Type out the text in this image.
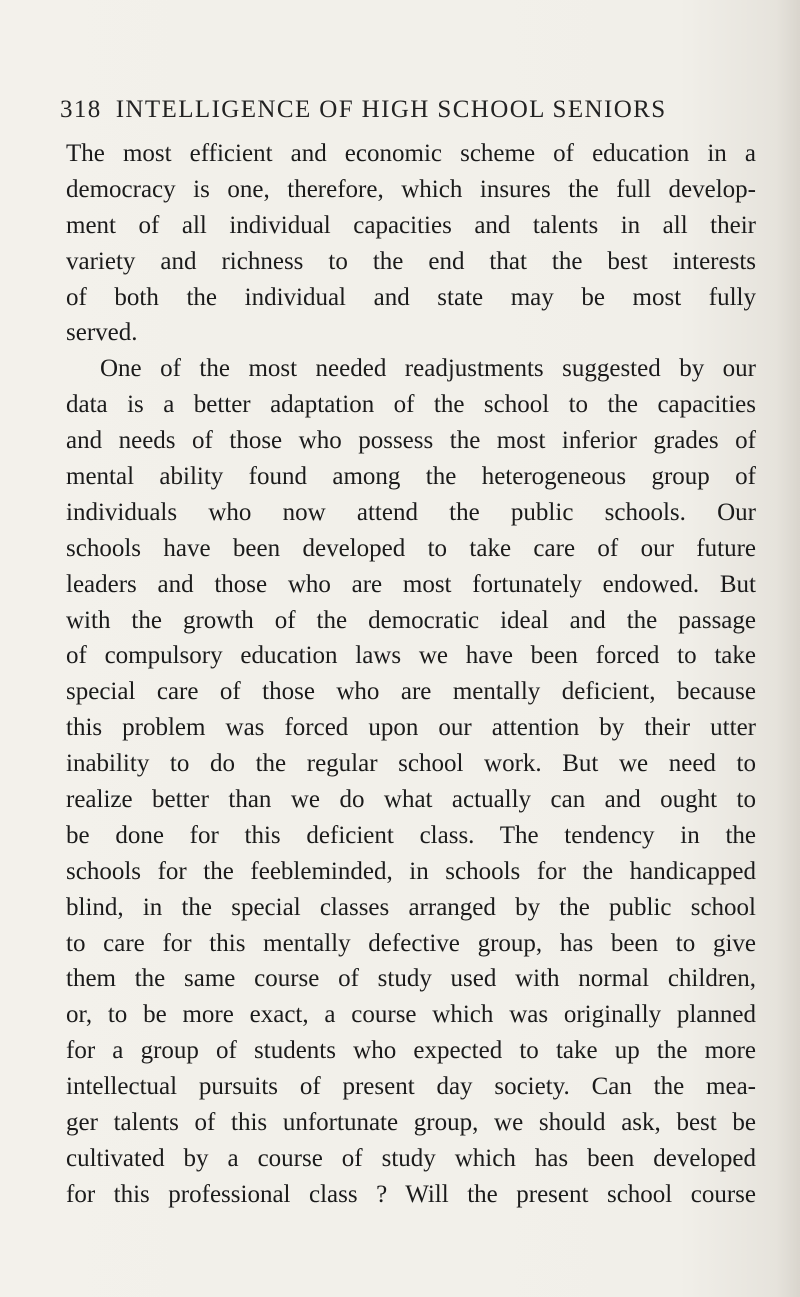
318 INTELLIGENCE OF HIGH SCHOOL SENIORS
The most efficient and economic scheme of education in a
democracy is one, therefore, which insures the full develop-
ment of all individual capacities and talents in all their
variety and richness to the end that the best interests
of both the individual and state may be most fully
served.
One of the most needed readjustments suggested by our
data is a better adaptation of the school to the capacities
and needs of those who possess the most inferior grades of
mental ability found among the heterogeneous group of
individuals who now attend the public schools. Our
schools have been developed to take care of our future
leaders and those who are most fortunately endowed. But
with the growth of the democratic ideal and the passage
of compulsory education laws we have been forced to take
special care of those who are mentally deficient, because
this problem was forced upon our attention by their utter
inability to do the regular school work. But we need to
realize better than we do what actually can and ought to
be done for this deficient class. The tendency in the
schools for the feebleminded, in schools for the handicapped
blind, in the special classes arranged by the public school
to care for this mentally defective group, has been to give
them the same course of study used with normal children,
or, to be more exact, a course which was originally planned
for a group of students who expected to take up the more
intellectual pursuits of present day society. Can the mea-
ger talents of this unfortunate group, we should ask, best be
cultivated by a course of study which has been developed
for this professional class ? Will the present school course
